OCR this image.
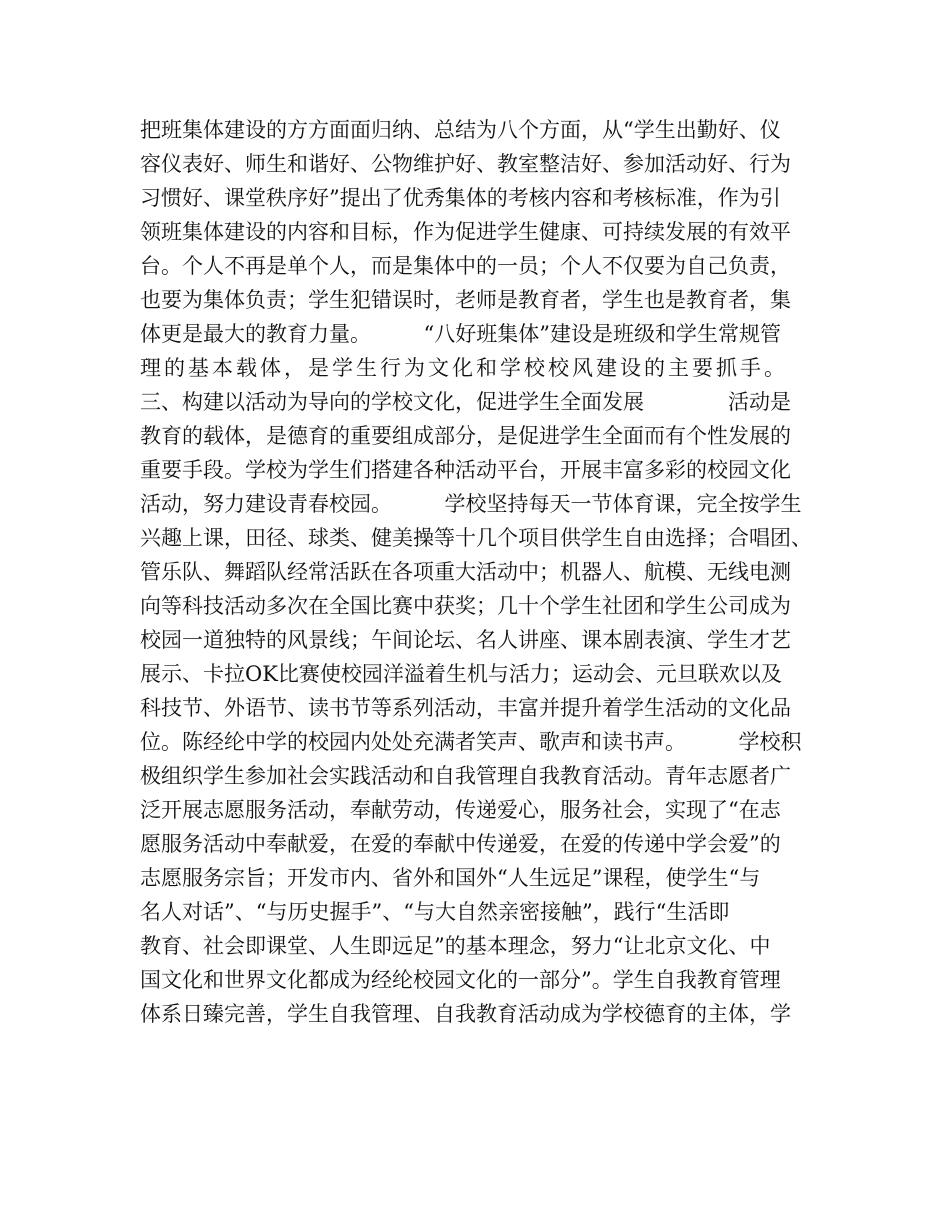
把班集体建设的方方面面归纳、总结为八个方面，从“学生出勤好、仪
容仪表好、师生和谐好、公物维护好、教室整洁好、参加活动好、行为
习惯好、课堂秩序好”提出了优秀集体的考核内容和考核标准，作为引
领班集体建设的内容和目标，作为促进学生健康、可持续发展的有效平
台。个人不再是单个人，而是集体中的一员；个人不仅要为自己负责，
也要为集体负责；学生犯错误时，老师是教育者，学生也是教育者，集
体更是最大的教育力量。　　　“八好班集体”建设是班级和学生常规管
理的基本载体，是学生行为文化和学校校风建设的主要抓手。
三、构建以活动为导向的学校文化，促进学生全面发展　　　　活动是
教育的载体，是德育的重要组成部分，是促进学生全面而有个性发展的
重要手段。学校为学生们搭建各种活动平台，开展丰富多彩的校园文化
活动，努力建设青春校园。　　　学校坚持每天一节体育课，完全按学生
兴趣上课，田径、球类、健美操等十几个项目供学生自由选择；合唱团、
管乐队、舞蹈队经常活跃在各项重大活动中；机器人、航模、无线电测
向等科技活动多次在全国比赛中获奖；几十个学生社团和学生公司成为
校园一道独特的风景线；午间论坛、名人讲座、课本剧表演、学生才艺
展示、卡拉OK比赛使校园洋溢着生机与活力；运动会、元旦联欢以及
科技节、外语节、读书节等系列活动，丰富并提升着学生活动的文化品
位。陈经纶中学的校园内处处充满者笑声、歌声和读书声。　　　学校积
极组织学生参加社会实践活动和自我管理自我教育活动。青年志愿者广
泛开展志愿服务活动，奉献劳动，传递爱心，服务社会，实现了“在志
愿服务活动中奉献爱，在爱的奉献中传递爱，在爱的传递中学会爱”的
志愿服务宗旨；开发市内、省外和国外“人生远足”课程，使学生“与
名人对话”、“与历史握手”、“与大自然亲密接触”，践行“生活即
教育、社会即课堂、人生即远足”的基本理念，努力“让北京文化、中
国文化和世界文化都成为经纶校园文化的一部分”。学生自我教育管理
体系日臻完善，学生自我管理、自我教育活动成为学校德育的主体，学
